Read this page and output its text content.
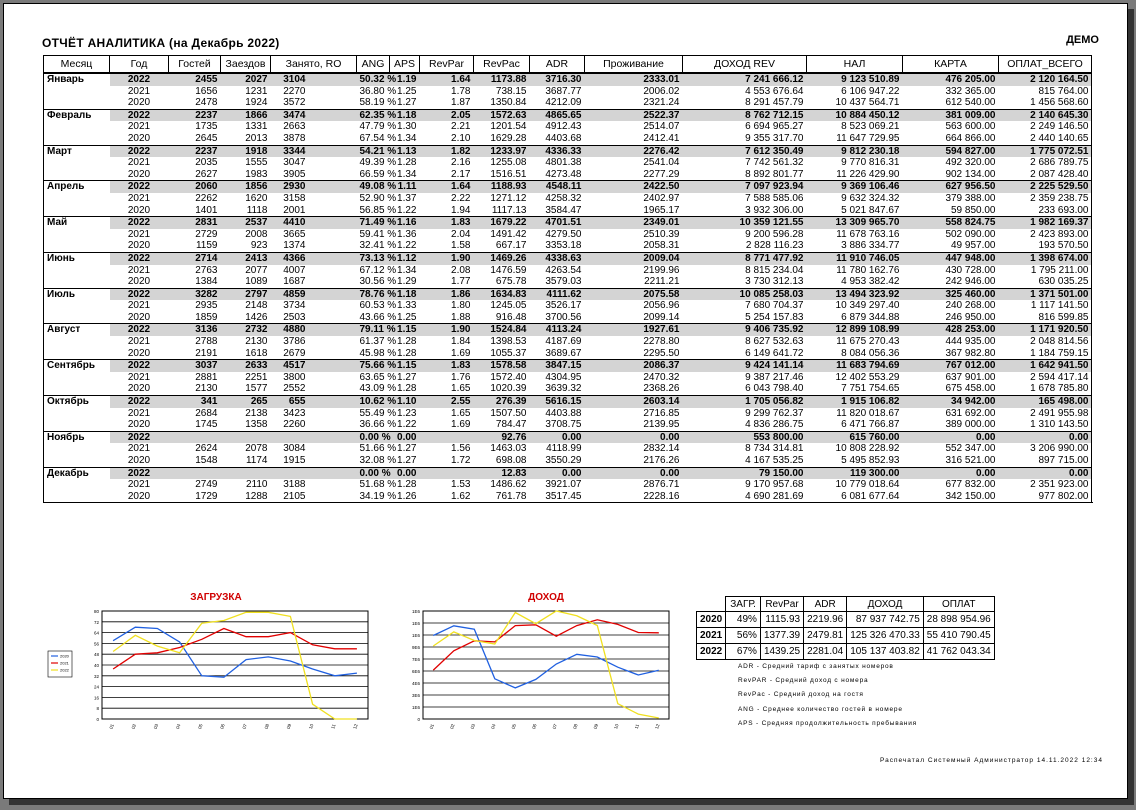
ОТЧЁТ АНАЛИТИКА (на Декабрь 2022)	ДЕМО
Месяц	Год	Гостей	Заездов	Занято, RO		ANG	APS	RevPar	RevPac	ADR	Проживание	ДОХОД REV	НАЛ	КАРТА	ОПЛАТ_ВСЕГО	
Январь	2022	2455	2027	3104		50.32 %	1.19	1.64	1173.88	3716.30	2333.01	7 241 666.12	9 123 510.89	476 205.00	2 120 164.50	
	2021	1656	1231	2270		36.80 %	1.25	1.78	738.15	3687.77	2006.02	4 553 676.64	6 106 947.22	332 365.00	815 764.00	
	2020	2478	1924	3572		58.19 %	1.27	1.87	1350.84	4212.09	2321.24	8 291 457.79	10 437 564.71	612 540.00	1 456 568.60	
Февраль	2022	2237	1866	3474		62.35 %	1.18	2.05	1572.63	4865.65	2522.37	8 762 712.15	10 884 450.12	381 009.00	2 140 645.30	
	2021	1735	1331	2663		47.79 %	1.30	2.21	1201.54	4912.43	2514.07	6 694 965.27	8 523 069.21	563 600.00	2 249 146.50	
	2020	2645	2013	3878		67.54 %	1.34	2.10	1629.28	4403.68	2412.41	9 355 317.70	11 647 729.95	664 866.00	2 440 140.65	
Март	2022	2237	1918	3344		54.21 %	1.13	1.82	1233.97	4336.33	2276.42	7 612 350.49	9 812 230.18	594 827.00	1 775 072.51	
	2021	2035	1555	3047		49.39 %	1.28	2.16	1255.08	4801.38	2541.04	7 742 561.32	9 770 816.31	492 320.00	2 686 789.75	
	2020	2627	1983	3905		66.59 %	1.34	2.17	1516.51	4273.48	2277.29	8 892 801.77	11 226 429.90	902 134.00	2 087 428.40	
Апрель	2022	2060	1856	2930		49.08 %	1.11	1.64	1188.93	4548.11	2422.50	7 097 923.94	9 369 106.46	627 956.50	2 225 529.50	
	2021	2262	1620	3158		52.90 %	1.37	2.22	1271.12	4258.32	2402.97	7 588 585.06	9 632 324.32	379 388.00	2 359 238.75	
	2020	1401	1118	2001		56.85 %	1.22	1.94	1117.13	3584.47	1965.17	3 932 306.00	5 021 847.67	59 850.00	233 693.00	
Май	2022	2831	2537	4410		71.49 %	1.16	1.83	1679.22	4701.51	2349.01	10 359 121.55	13 309 965.70	558 824.75	1 982 169.37	
	2021	2729	2008	3665		59.41 %	1.36	2.04	1491.42	4279.50	2510.39	9 200 596.28	11 678 763.16	502 090.00	2 423 893.00	
	2020	1159	923	1374		32.41 %	1.22	1.58	667.17	3353.18	2058.31	2 828 116.23	3 886 334.77	49 957.00	193 570.50	
Июнь	2022	2714	2413	4366		73.13 %	1.12	1.90	1469.26	4338.63	2009.04	8 771 477.92	11 910 746.05	447 948.00	1 398 674.00	
	2021	2763	2077	4007		67.12 %	1.34	2.08	1476.59	4263.54	2199.96	8 815 234.04	11 780 162.76	430 728.00	1 795 211.00	
	2020	1384	1089	1687		30.56 %	1.29	1.77	675.78	3579.03	2211.21	3 730 312.13	4 953 382.42	242 946.00	630 035.25	
Июль	2022	3282	2797	4859		78.76 %	1.18	1.86	1634.83	4111.62	2075.58	10 085 258.03	13 494 323.92	325 460.00	1 371 501.00	
	2021	2935	2148	3734		60.53 %	1.33	1.80	1245.05	3526.17	2056.96	7 680 704.37	10 349 297.40	240 268.00	1 117 141.50	
	2020	1859	1426	2503		43.66 %	1.25	1.88	916.48	3700.56	2099.14	5 254 157.83	6 879 344.88	246 950.00	816 599.85	
Август	2022	3136	2732	4880		79.11 %	1.15	1.90	1524.84	4113.24	1927.61	9 406 735.92	12 899 108.99	428 253.00	1 171 920.50	
	2021	2788	2130	3786		61.37 %	1.28	1.84	1398.53	4187.69	2278.80	8 627 532.63	11 675 270.43	444 935.00	2 048 814.56	
	2020	2191	1618	2679		45.98 %	1.28	1.69	1055.37	3689.67	2295.50	6 149 641.72	8 084 056.36	367 982.80	1 184 759.15	
Сентябрь	2022	3037	2633	4517		75.66 %	1.15	1.83	1578.58	3847.15	2086.37	9 424 141.14	11 683 794.69	767 012.00	1 642 941.50	
	2021	2881	2251	3800		63.65 %	1.27	1.76	1572.40	4304.95	2470.32	9 387 217.46	12 402 553.29	637 901.00	2 594 417.14	
	2020	2130	1577	2552		43.09 %	1.28	1.65	1020.39	3639.32	2368.26	6 043 798.40	7 751 754.65	675 458.00	1 678 785.80	
Октябрь	2022	341	265	655		10.62 %	1.10	2.55	276.39	5616.15	2603.14	1 705 056.82	1 915 106.82	34 942.00	165 498.00	
	2021	2684	2138	3423		55.49 %	1.23	1.65	1507.50	4403.88	2716.85	9 299 762.37	11 820 018.67	631 692.00	2 491 955.98	
	2020	1745	1358	2260		36.66 %	1.22	1.69	784.47	3708.75	2139.95	4 836 286.75	6 471 766.87	389 000.00	1 310 143.50	
Ноябрь	2022					0.00 %	0.00		92.76	0.00	0.00	553 800.00	615 760.00	0.00	0.00	
	2021	2624	2078	3084		51.66 %	1.27	1.56	1463.03	4118.99	2832.14	8 734 314.81	10 808 228.92	552 347.00	3 206 990.00	
	2020	1548	1174	1915		32.08 %	1.27	1.72	698.08	3550.29	2176.26	4 167 535.25	5 495 852.93	316 521.00	897 715.00	
Декабрь	2022					0.00 %	0.00		12.83	0.00	0.00	79 150.00	119 300.00	0.00	0.00	
	2021	2749	2110	3188		51.68 %	1.28	1.53	1486.62	3921.07	2876.71	9 170 957.68	10 779 018.64	677 832.00	2 351 923.00	
	2020	1729	1288	2105		34.19 %	1.26	1.62	761.78	3517.45	2228.16	4 690 281.69	6 081 677.64	342 150.00	977 802.00	
ЗАГРУЗКА
0
8
16
24
32
40
48
56
64
72
80
01	02	03	04	05	06	07	08	09	10	11	12
2020
2021
2022
ДОХОД
0
1E6
3E6
4E6
6E6
7E6
9E6
1E6
1E6
1E6
01	02	03	04	05	06	07	08	09	10	11	12
	ЗАГР.	RevPar	ADR	ДОХОД	ОПЛАТ
2020	49%	1115.93	2219.96	87 937 742.75	28 898 954.96
2021	56%	1377.39	2479.81	125 326 470.33	55 410 790.45
2022	67%	1439.25	2281.04	105 137 403.82	41 762 043.34
ADR - Средний тариф с занятых номеров
RevPAR - Средний доход с номера
RevPac - Средний доход на гостя
ANG - Среднее количество гостей в номере
APS - Средняя продолжительность пребывания
Распечатал Системный Администратор 14.11.2022 12:34
